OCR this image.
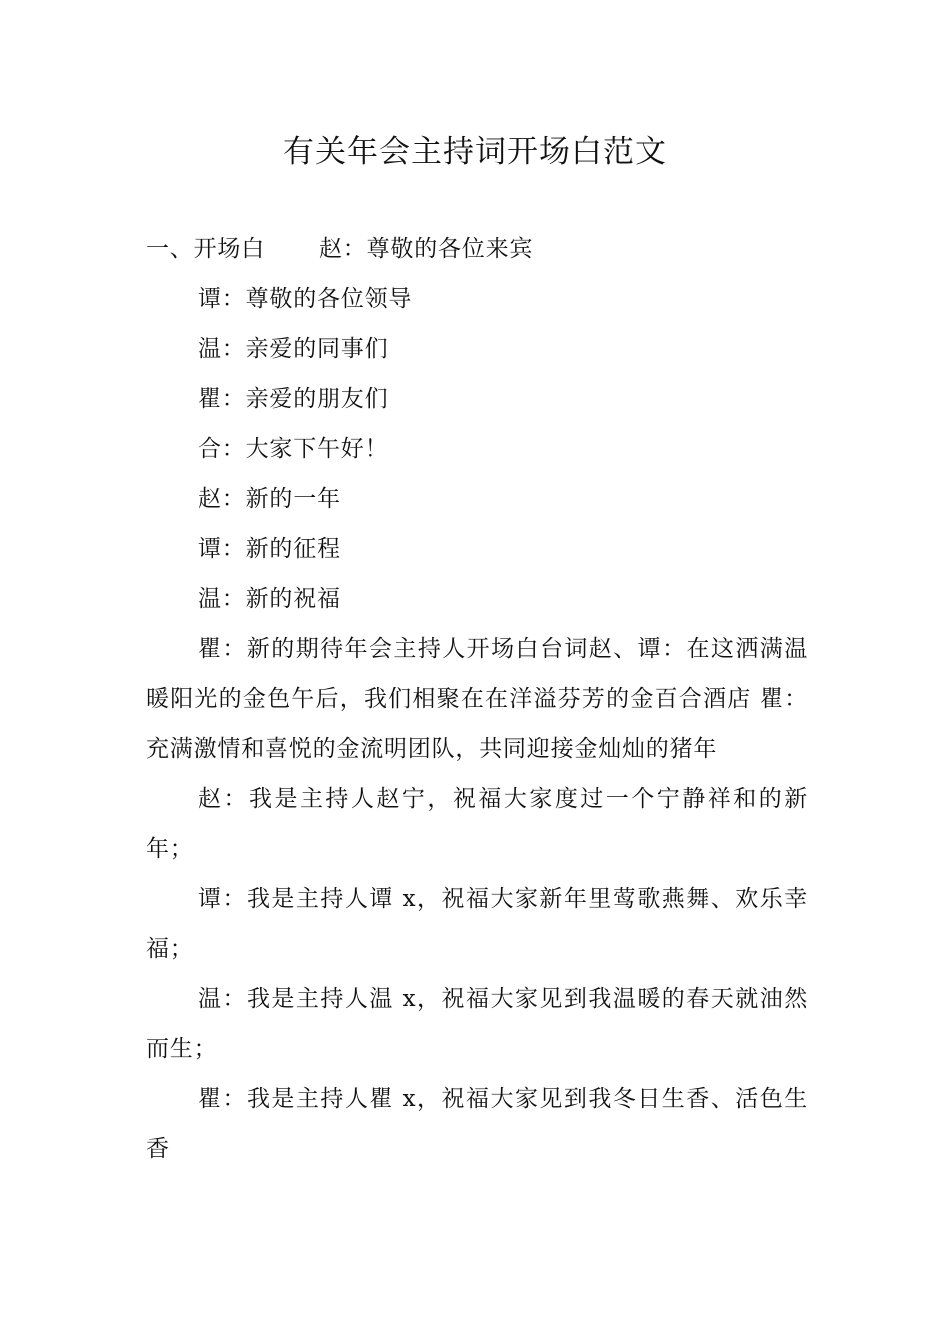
有关年会主持词开场白范文

一、开场白 赵：尊敬的各位来宾

谭：尊敬的各位领导

温：亲爱的同事们

瞿：亲爱的朋友们

合：大家下午好！

赵：新的一年

谭：新的征程

温：新的祝福

瞿：新的期待年会主持人开场白台词赵、谭：在这洒满温暖阳光的金色午后，我们相聚在在洋溢芬芳的金百合酒店 瞿：充满激情和喜悦的金流明团队，共同迎接金灿灿的猪年

赵：我是主持人赵宁，祝福大家度过一个宁静祥和的新年；

谭：我是主持人谭 x，祝福大家新年里莺歌燕舞、欢乐幸福；

温：我是主持人温 x，祝福大家见到我温暖的春天就油然而生；

瞿：我是主持人瞿 x，祝福大家见到我冬日生香、活色生香
